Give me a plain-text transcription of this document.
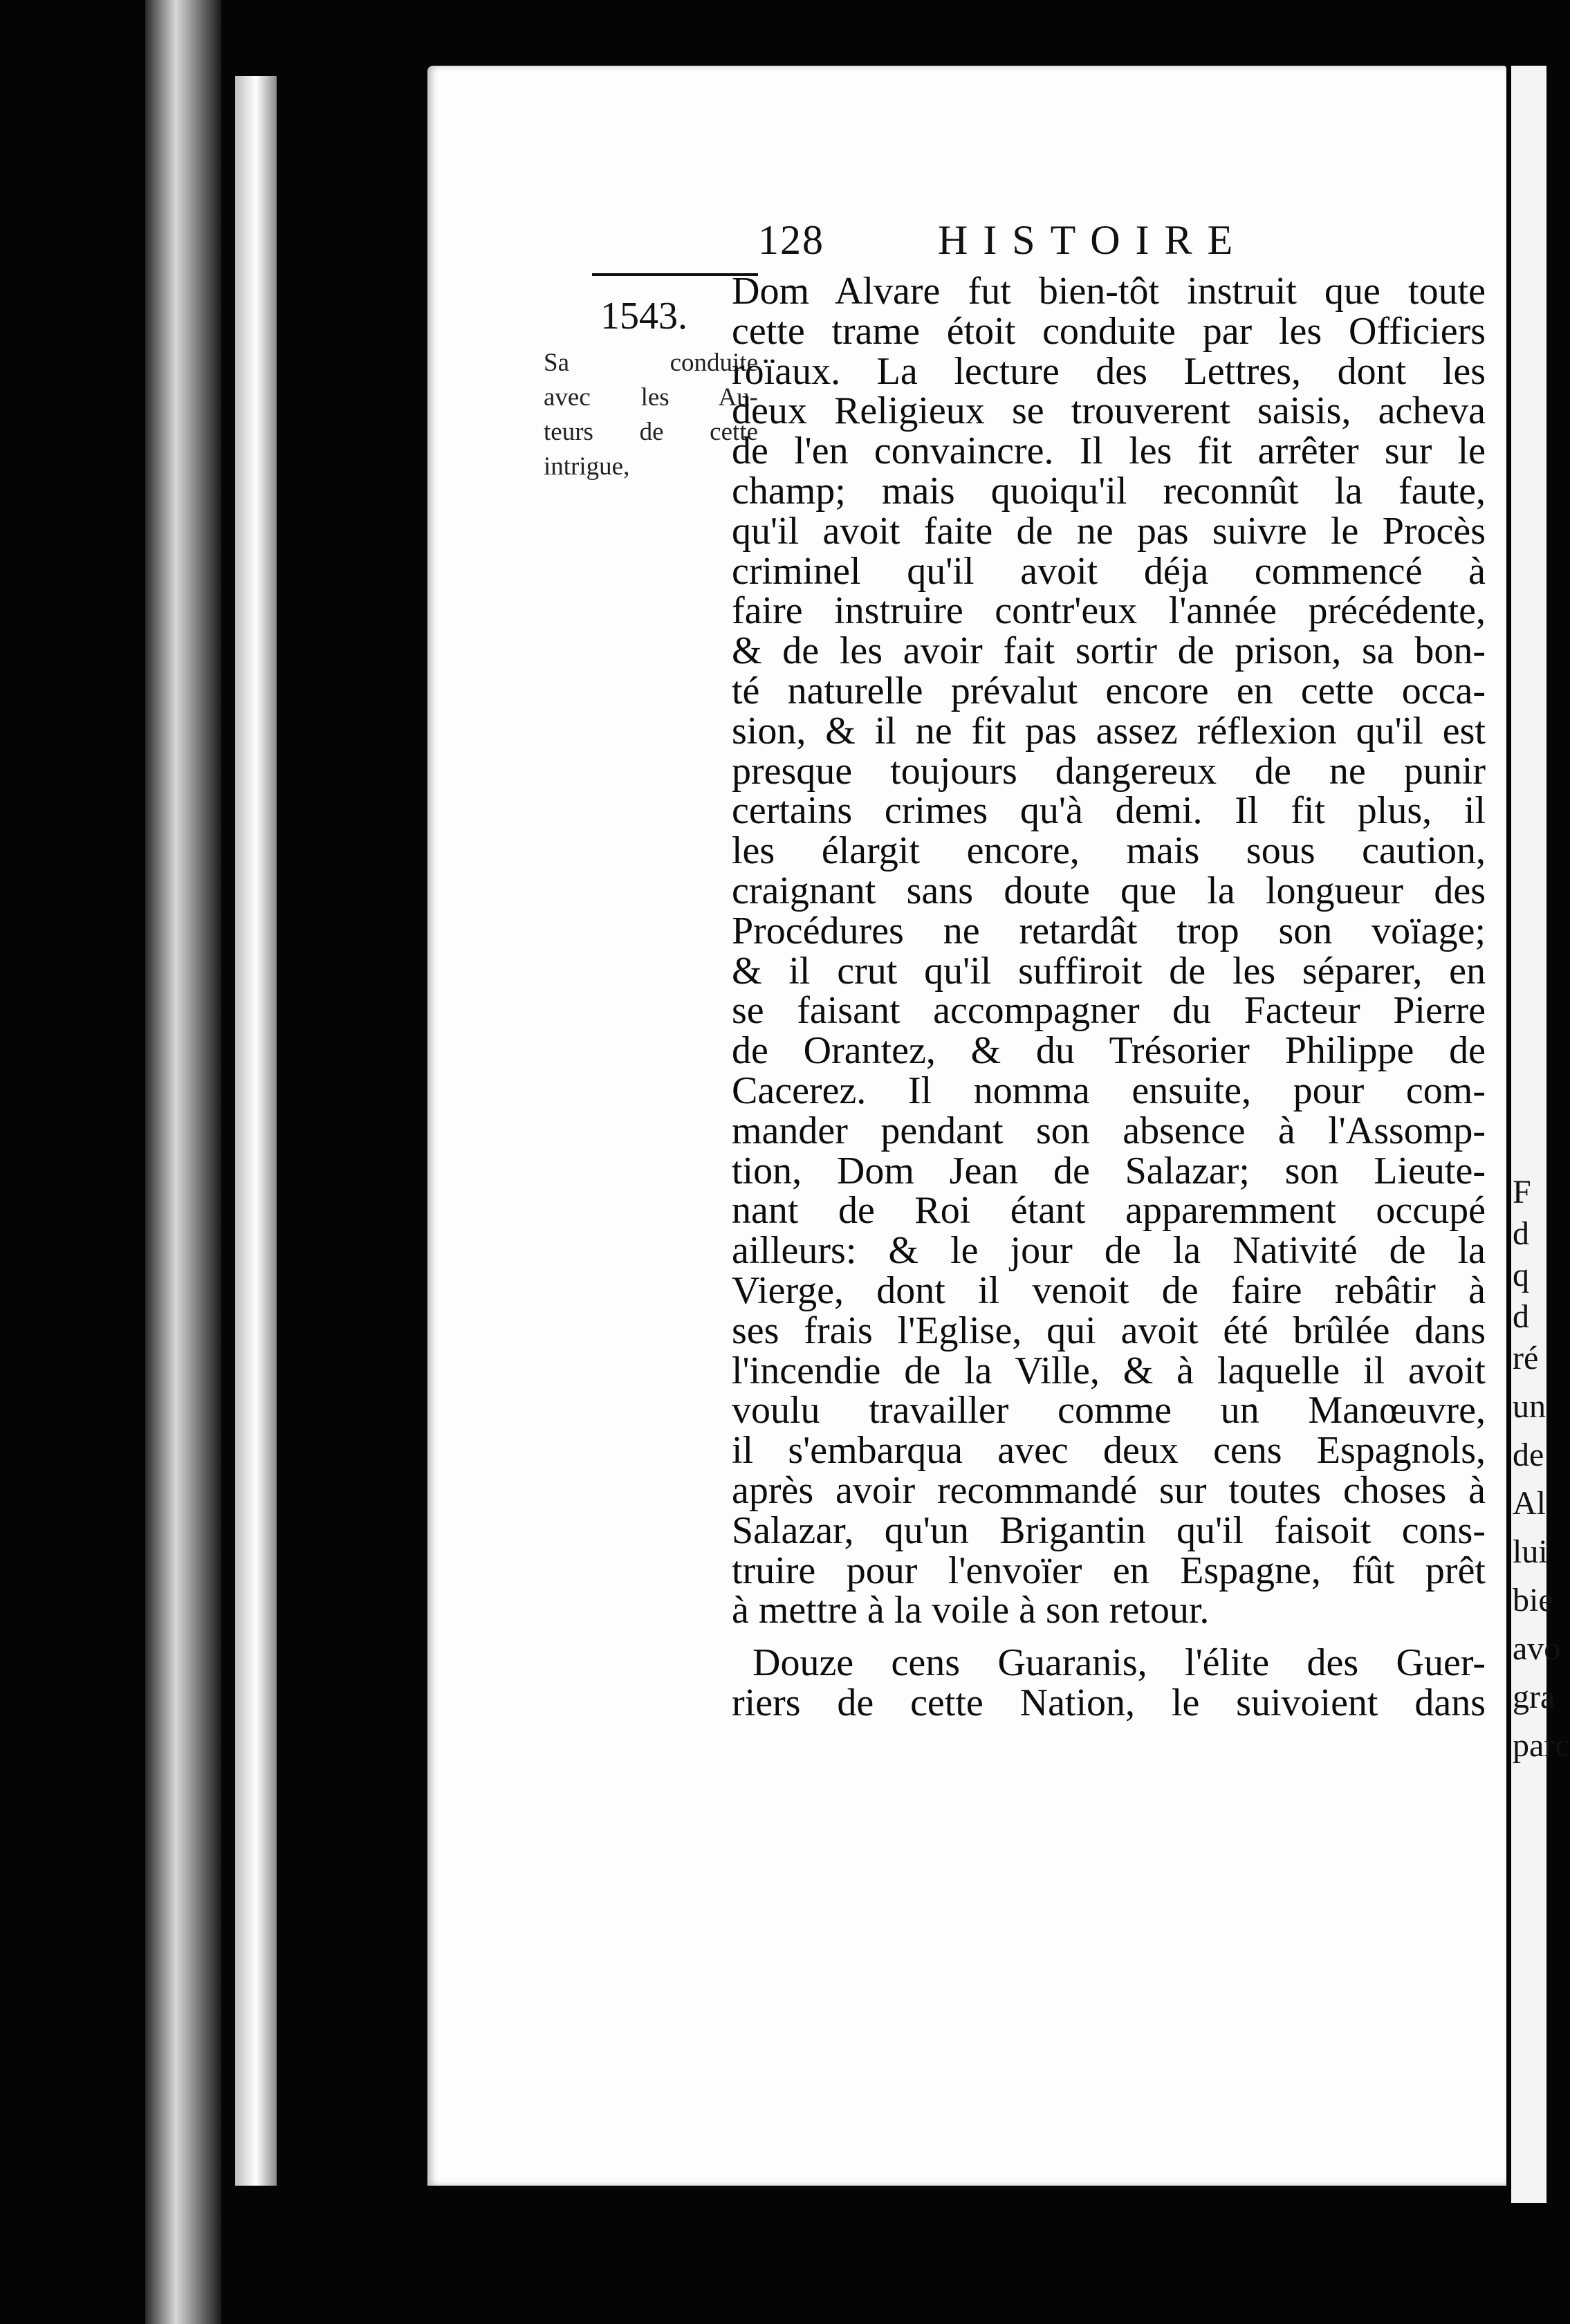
128	HISTOIRE
1543.
Sa conduite
avec les Au-
teurs de cette
intrigue,
Dom Alvare fut bien-tôt instruit que toute
cette trame étoit conduite par les Officiers
roïaux. La lecture des Lettres, dont les
deux Religieux se trouverent saisis, acheva
de l'en convaincre. Il les fit arrêter sur le
champ; mais quoiqu'il reconnût la faute,
qu'il avoit faite de ne pas suivre le Procès
criminel qu'il avoit déja commencé à
faire instruire contr'eux l'année précédente,
& de les avoir fait sortir de prison, sa bon-
té naturelle prévalut encore en cette occa-
sion, & il ne fit pas assez réflexion qu'il est
presque toujours dangereux de ne punir
certains crimes qu'à demi. Il fit plus, il
les élargit encore, mais sous caution,
craignant sans doute que la longueur des
Procédures ne retardât trop son voïage;
& il crut qu'il suffiroit de les séparer, en
se faisant accompagner du Facteur Pierre
de Orantez, & du Trésorier Philippe de
Cacerez. Il nomma ensuite, pour com-
mander pendant son absence à l'Assomp-
tion, Dom Jean de Salazar; son Lieute-
nant de Roi étant apparemment occupé
ailleurs: & le jour de la Nativité de la
Vierge, dont il venoit de faire rebâtir à
ses frais l'Eglise, qui avoit été brûlée dans
l'incendie de la Ville, & à laquelle il avoit
voulu travailler comme un Manœuvre,
il s'embarqua avec deux cens Espagnols,
après avoir recommandé sur toutes choses à
Salazar, qu'un Brigantin qu'il faisoit cons-
truire pour l'envoïer en Espagne, fût prêt
à mettre à la voile à son retour.
Douze cens Guaranis, l'élite des Guer-
riers de cette Nation, le suivoient dans
F
d
q
d
ré
un
de
Al
lui
bie
avo
gra
parc
